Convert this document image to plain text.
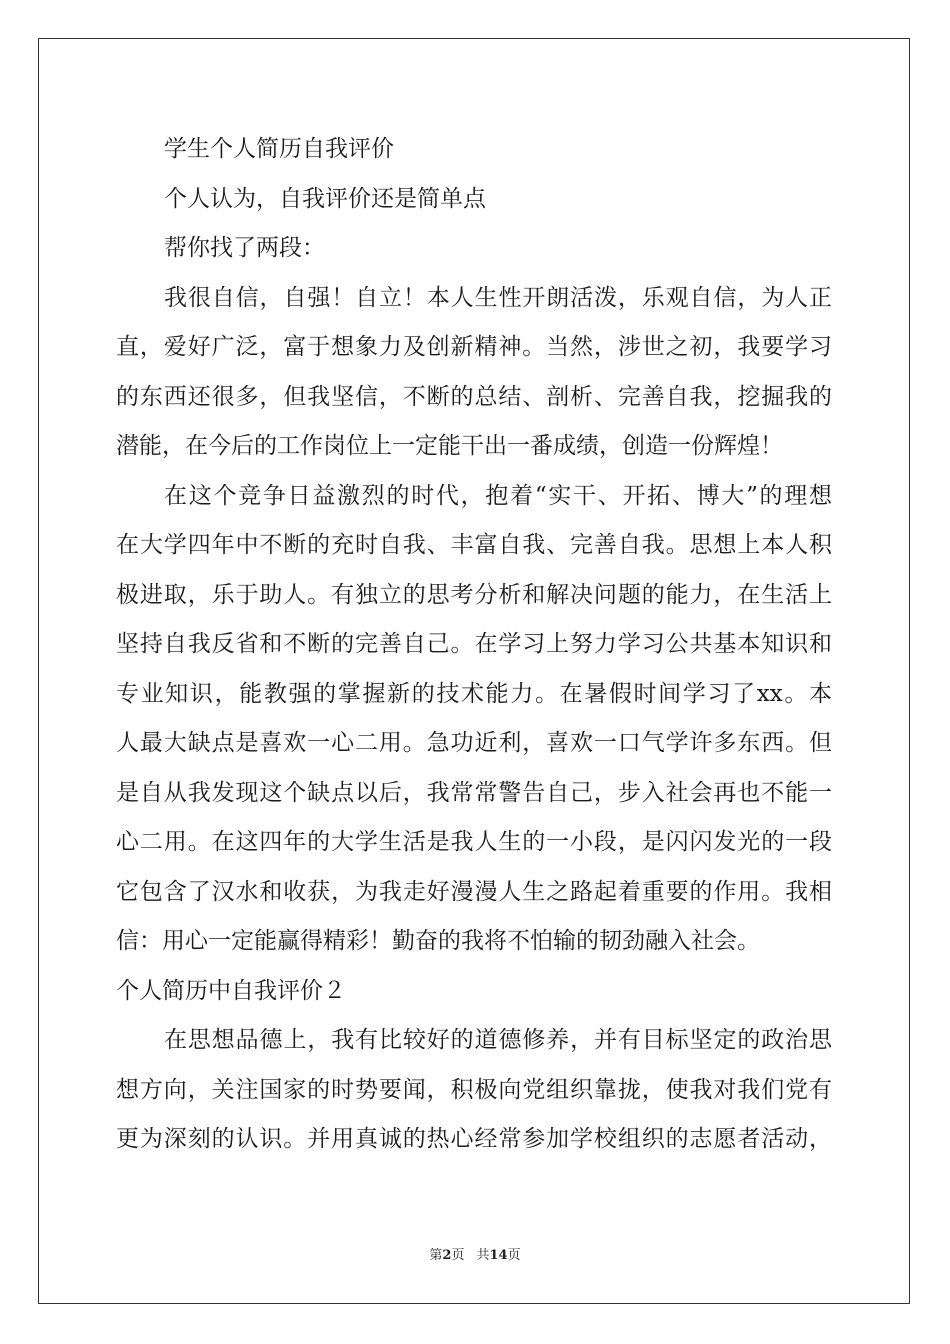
学生个人简历自我评价
个人认为，自我评价还是简单点
帮你找了两段：
我很自信，自强！自立！本人生性开朗活泼，乐观自信，为人正
直，爱好广泛，富于想象力及创新精神。当然，涉世之初，我要学习
的东西还很多，但我坚信，不断的总结、剖析、完善自我，挖掘我的
潜能，在今后的工作岗位上一定能干出一番成绩，创造一份辉煌！
在这个竞争日益激烈的时代，抱着“实干、开拓、博大”的理想
在大学四年中不断的充时自我、丰富自我、完善自我。思想上本人积
极进取，乐于助人。有独立的思考分析和解决问题的能力，在生活上
坚持自我反省和不断的完善自己。在学习上努力学习公共基本知识和
专业知识，能教强的掌握新的技术能力。在暑假时间学习了xx。本
人最大缺点是喜欢一心二用。急功近利，喜欢一口气学许多东西。但
是自从我发现这个缺点以后，我常常警告自己，步入社会再也不能一
心二用。在这四年的大学生活是我人生的一小段，是闪闪发光的一段
它包含了汉水和收获，为我走好漫漫人生之路起着重要的作用。我相
信：用心一定能赢得精彩！勤奋的我将不怕输的韧劲融入社会。
个人简历中自我评价２
在思想品德上，我有比较好的道德修养，并有目标坚定的政治思
想方向，关注国家的时势要闻，积极向党组织靠拢，使我对我们党有
更为深刻的认识。并用真诚的热心经常参加学校组织的志愿者活动，
第2页 共14页
